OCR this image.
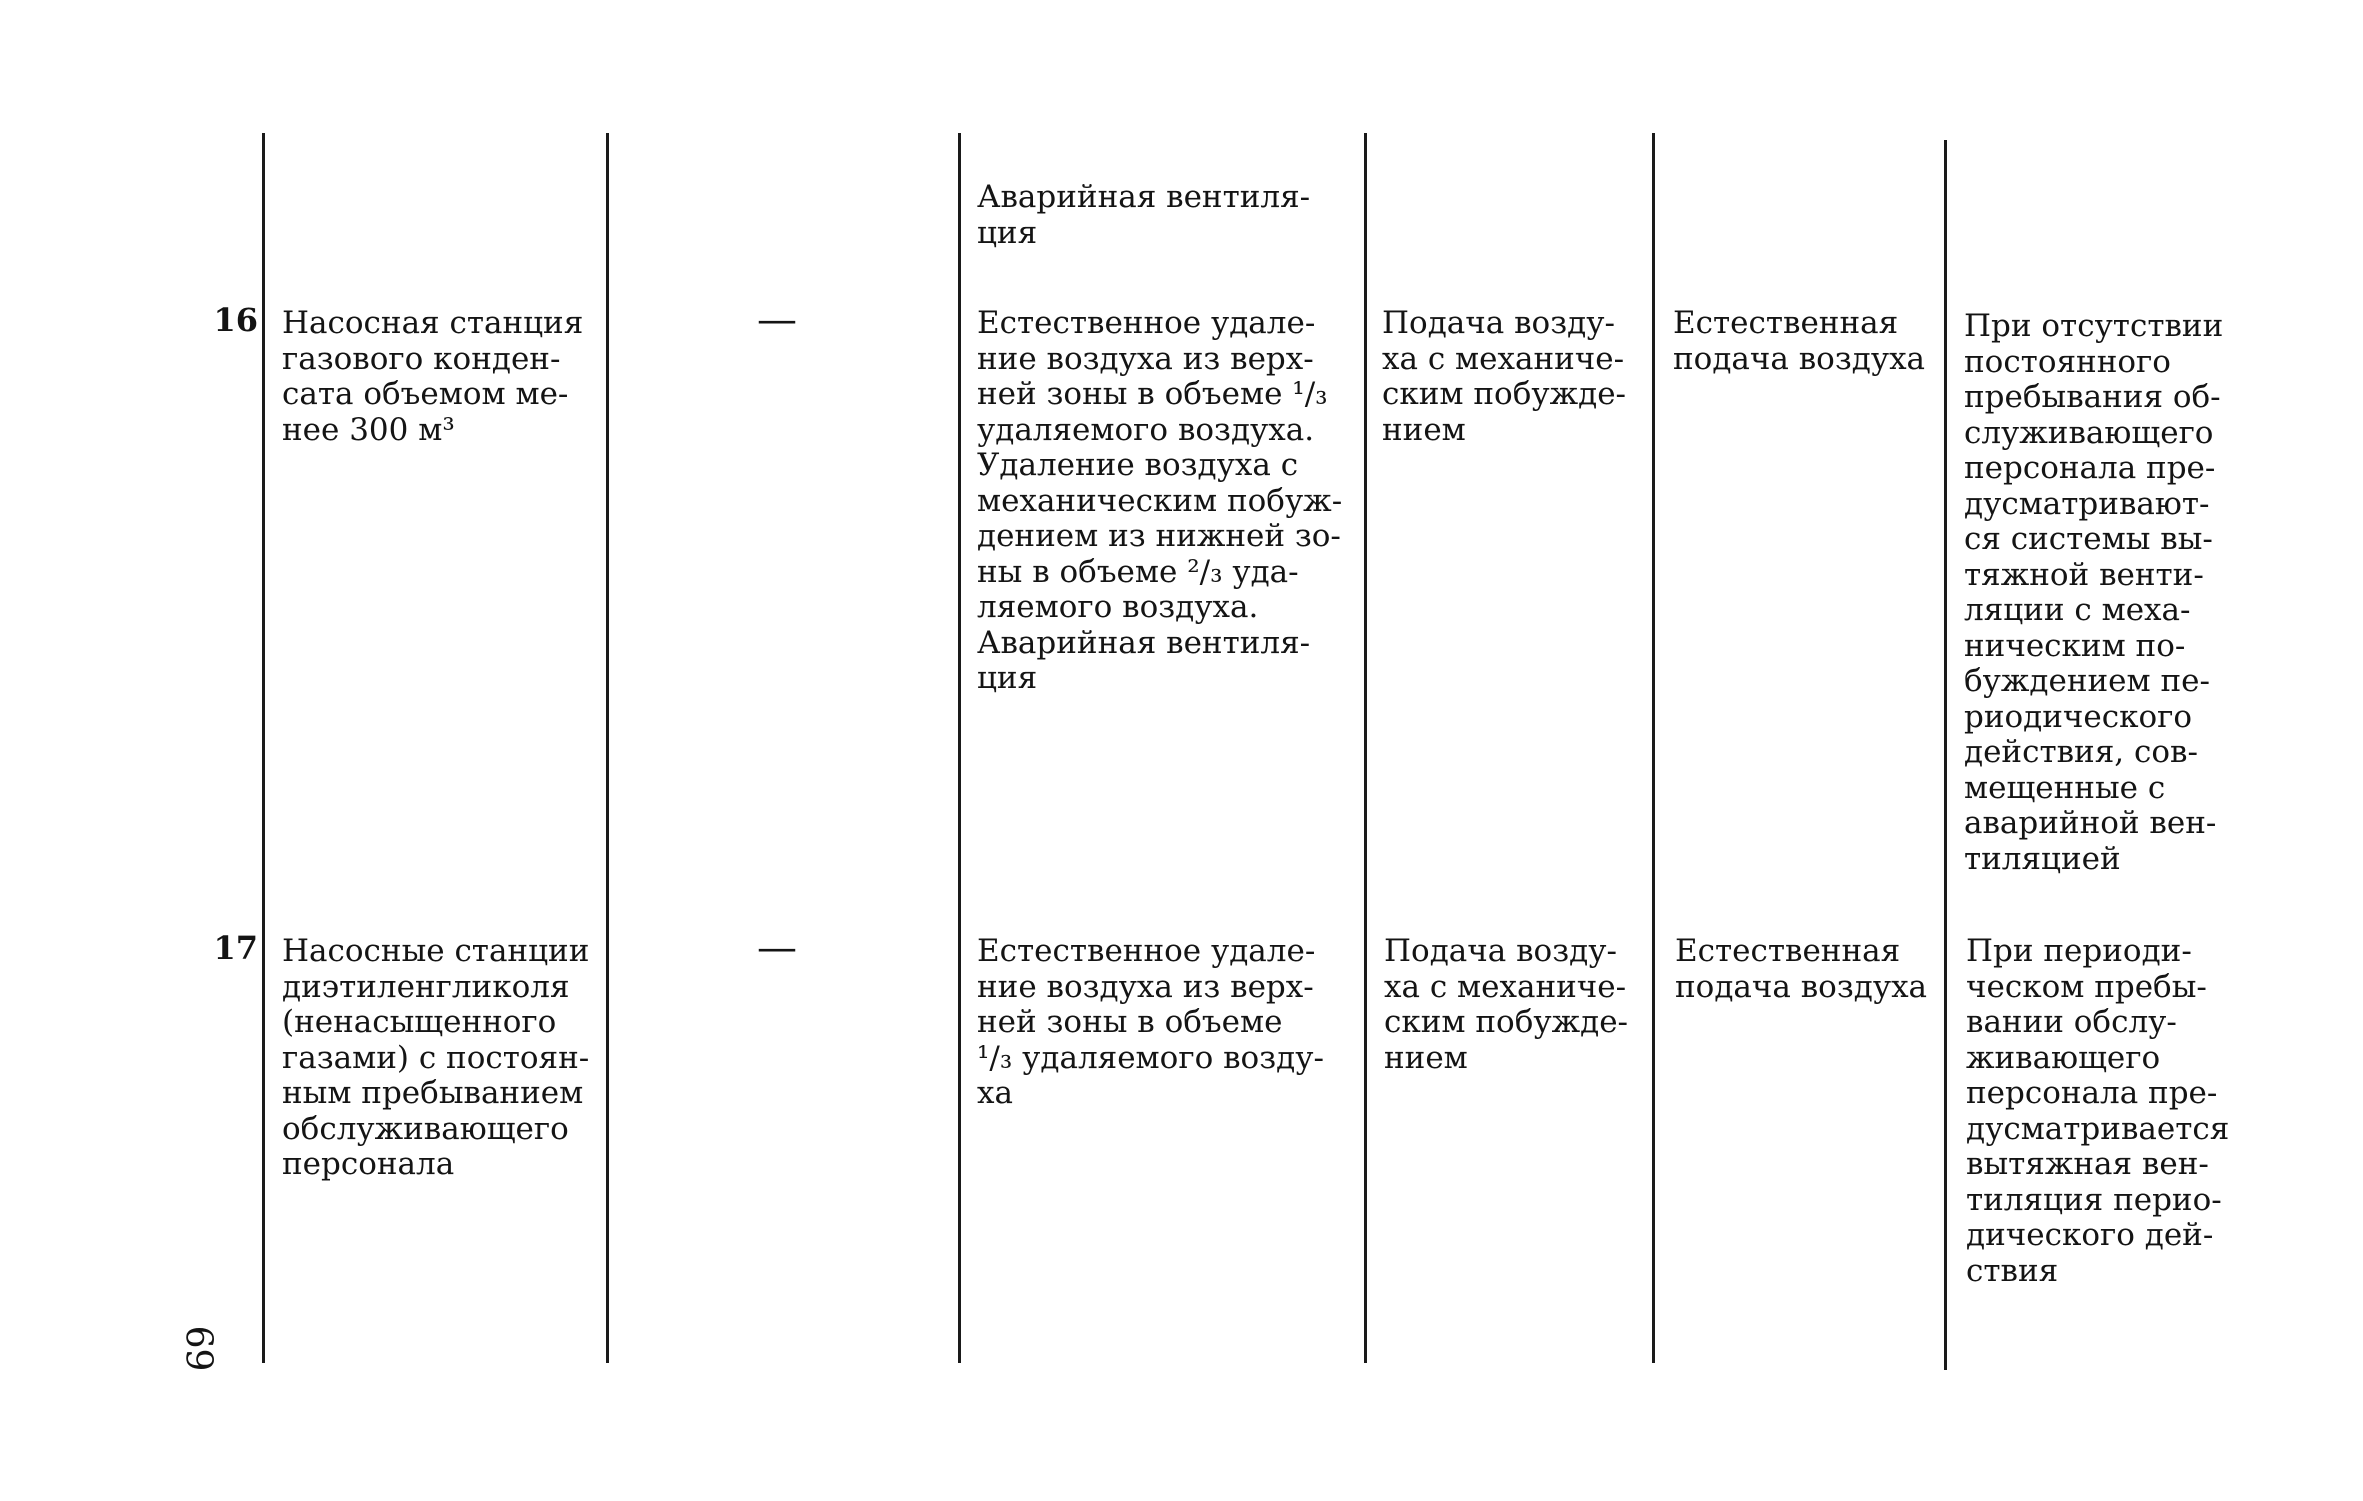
Аварийная вентиля-
ция

16 Насосная станция
газового конден-
сата объемом ме-
нее 300 м³

—	Естественное удале-
ние воздуха из верх-
ней зоны в объеме ¹/₃
удаляемого воздуха.
Удаление воздуха с
механическим побуж-
дением из нижней зо-
ны в объеме ²/₃ уда-
ляемого воздуха.
Аварийная вентиля-
ция

Подача возду-
ха с механиче-
ским побужде-
нием

Естественная
подача воздуха

При отсутствии
постоянного
пребывания об-
служивающего
персонала пре-
дусматривают-
ся системы вы-
тяжной венти-
ляции с меха-
ническим по-
буждением пе-
риодического
действия, сов-
мещенные с
аварийной вен-
тиляцией

17 Насосные станции
диэтиленгликоля
(ненасыщенного
газами) с постоян-
ным пребыванием
обслуживающего
персонала

—	Естественное удале-
ние воздуха из верх-
ней зоны в объеме
¹/₃ удаляемого возду-
ха

Подача возду-
ха с механиче-
ским побужде-
нием

Естественная
подача воздуха

При периоди-
ческом пребы-
вании обслу-
живающего
персонала пре-
дусматривается
вытяжная вен-
тиляция перио-
дического дей-
ствия

69
